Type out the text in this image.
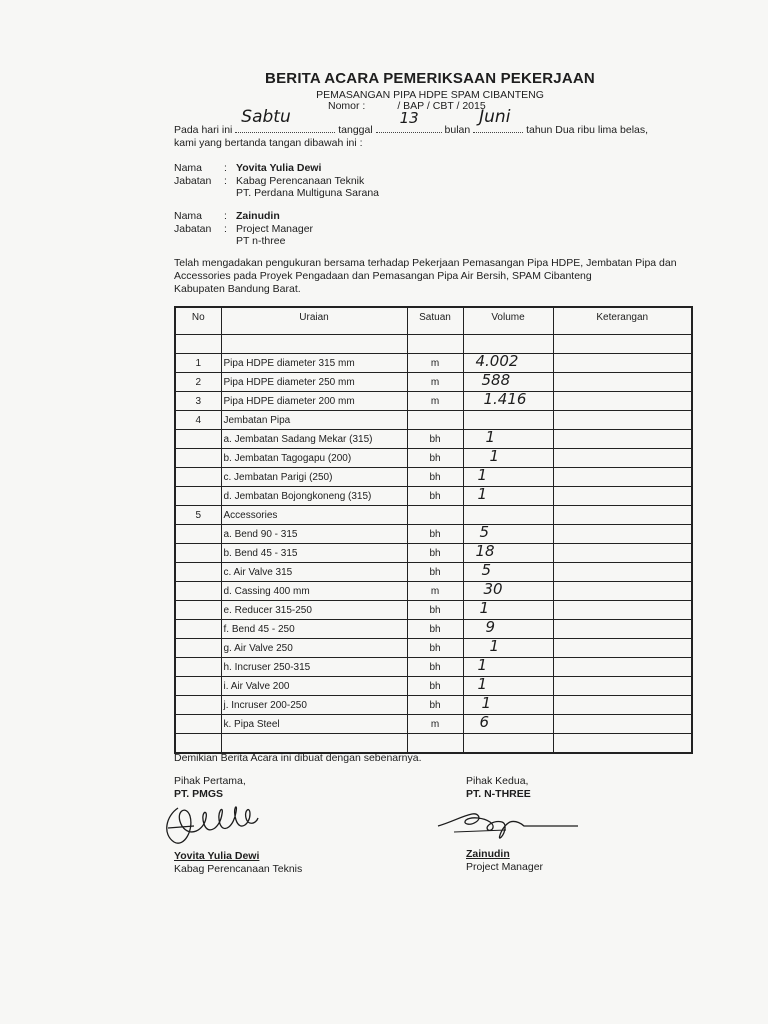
BERITA ACARA PEMERIKSAAN PEKERJAAN
PEMASANGAN PIPA HDPE SPAM CIBANTENG
Nomor :	/ BAP / CBT / 2015
Pada hari ini
Sabtu
tanggal
13
bulan
Juni
tahun Dua ribu lima belas,
kami yang bertanda tangan dibawah ini :
Nama : Yovita Yulia Dewi
Jabatan : Kabag Perencanaan Teknik
PT. Perdana Multiguna Sarana
Nama : Zainudin
Jabatan : Project Manager
PT n-three
Telah mengadakan pengukuran bersama terhadap Pekerjaan Pemasangan Pipa HDPE, Jembatan Pipa dan
Accessories pada Proyek Pengadaan dan Pemasangan Pipa Air Bersih, SPAM Cibanteng
Kabupaten Bandung Barat.
No	Uraian	Satuan	Volume	Keterangan

1	Pipa HDPE diameter 315 mm	m	4.002	

2	Pipa HDPE diameter 250 mm	m	588	

3	Pipa HDPE diameter 200 mm	m	1.416	

4	Jembatan Pipa		

	a. Jembatan Sadang Mekar (315)	bh	1	

	b. Jembatan Tagogapu (200)	bh	1	

	c. Jembatan Parigi (250)	bh	1	

	d. Jembatan Bojongkoneng (315)	bh	1	

5	Accessories		

	a. Bend 90 - 315	bh	5	

	b. Bend 45 - 315	bh	18	

	c. Air Valve 315	bh	5	

	d. Cassing 400 mm	m	30	

	e. Reducer 315-250	bh	1	

	f. Bend 45 - 250	bh	9	

	g. Air Valve 250	bh	1	

	h. Incruser 250-315	bh	1	

	i. Air Valve 200	bh	1	

	j. Incruser 200-250	bh	1	

	k. Pipa Steel	m	6	

Demikian Berita Acara ini dibuat dengan sebenarnya.
Pihak Pertama,
PT. PMGS
Yovita Yulia Dewi
Kabag Perencanaan Teknis
Pihak Kedua,
PT. N-THREE
Zainudin
Project Manager
